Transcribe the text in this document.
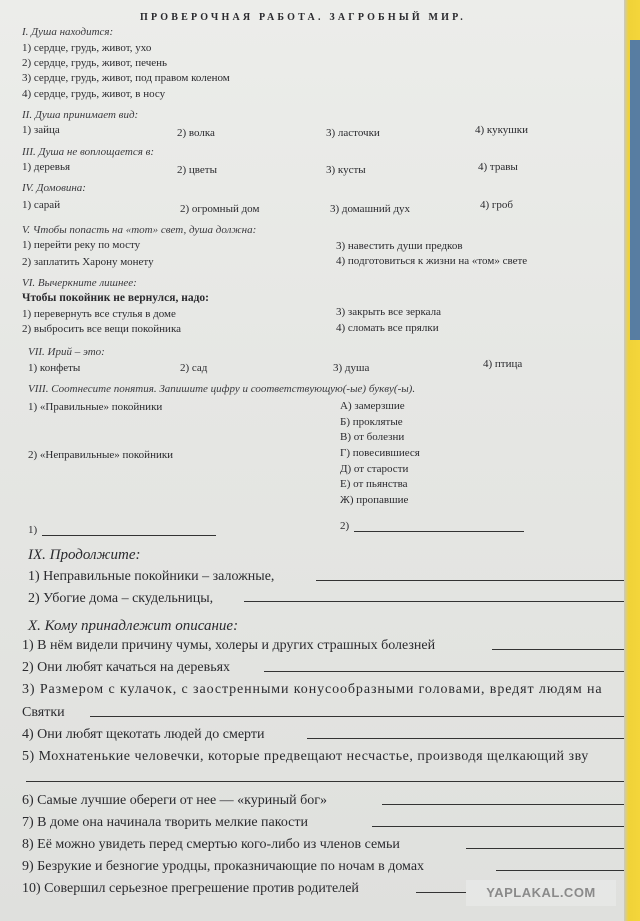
ПРОВЕРОЧНАЯ РАБОТА. ЗАГРОБНЫЙ МИР.
I. Душа находится:
1) сердце, грудь, живот, ухо
2) сердце, грудь, живот, печень
3) сердце, грудь, живот, под правом коленом
4) сердце, грудь, живот, в носу
II. Душа принимает вид:
1) зайца	2) волка	3) ласточки	4) кукушки
III. Душа не воплощается в:
1) деревья	2) цветы	3) кусты	4) травы
IV. Домовина:
1) сарай	2) огромный дом	3) домашний дух	4) гроб
V. Чтобы попасть на «тот» свет, душа должна:
1) перейти реку по мосту
2) заплатить Харону монету
3) навестить души предков
4) подготовиться к жизни на «том» свете
VI. Вычеркните лишнее:
Чтобы покойник не вернулся, надо:
1) перевернуть все стулья в доме
2) выбросить все вещи покойника
3) закрыть все зеркала
4) сломать все прялки
VII. Ирий – это:
1) конфеты	2) сад	3) душа	4) птица
VIII. Соотнесите понятия. Запишите цифру и соответствующую(-ые) букву(-ы).
1) «Правильные» покойники
2) «Неправильные» покойники
А) замерзшие
Б) проклятые
В) от болезни
Г) повесившиеся
Д) от старости
Е) от пьянства
Ж) пропавшие
1)	2)
IX. Продолжите:
1) Неправильные покойники – заложные,
2) Убогие дома – скудельницы,
X. Кому принадлежит описание:
1) В нём видели причину чумы, холеры и других страшных болезней
2) Они любят качаться на деревьях
3) Размером с кулачок, с заостренными конусообразными головами, вредят людям на
Святки
4) Они любят щекотать людей до смерти
5) Мохнатенькие человечки, которые предвещают несчастье, производя щелкающий зву
6) Самые лучшие обереги от нее — «куриный бог»
7) В доме она начинала творить мелкие пакости
8) Её можно увидеть перед смертью кого-либо из членов семьи
9) Безрукие и безногие уродцы, проказничающие по ночам в домах
10) Совершил серьезное прегрешение против родителей	YAPLAKAL.COM
